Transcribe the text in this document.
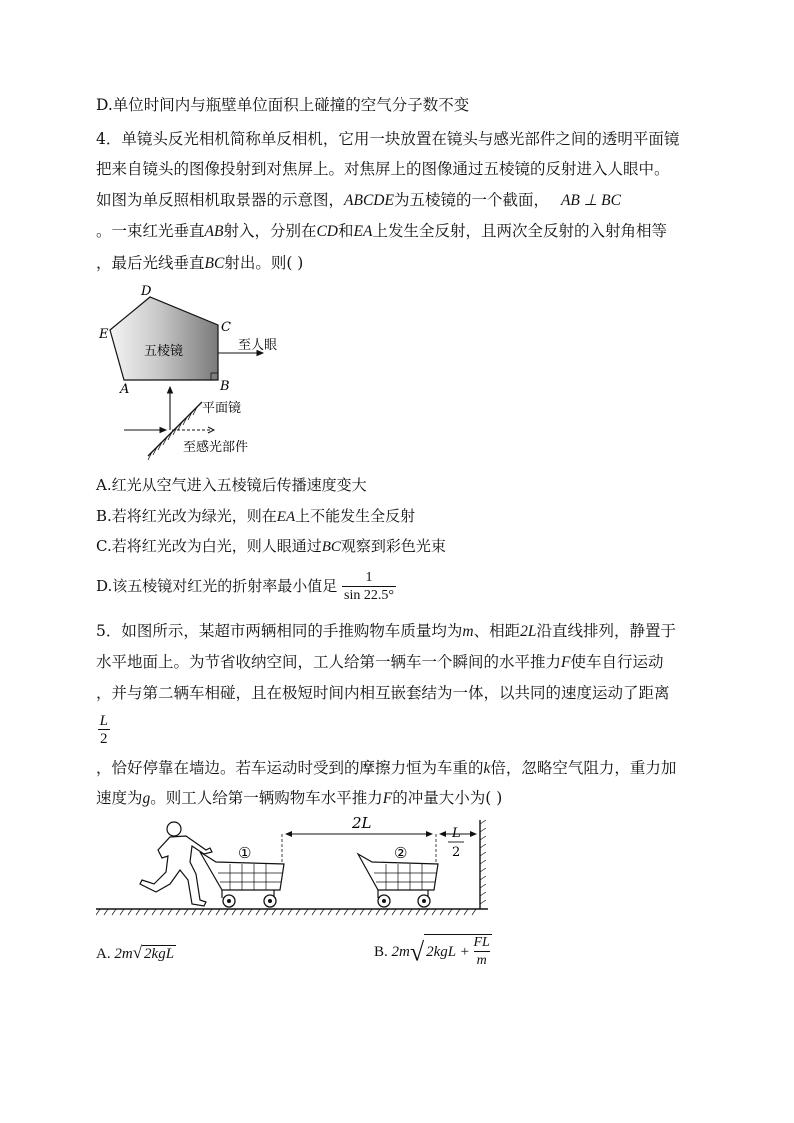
D.单位时间内与瓶壁单位面积上碰撞的空气分子数不变
4．单镜头反光相机简称单反相机，它用一块放置在镜头与感光部件之间的透明平面镜
把来自镜头的图像投射到对焦屏上。对焦屏上的图像通过五棱镜的反射进入人眼中。
如图为单反照相机取景器的示意图，ABCDE为五棱镜的一个截面， AB ⊥ BC
。一束红光垂直AB射入，分别在CD和EA上发生全反射，且两次全反射的入射角相等
，最后光线垂直BC射出。则( )
五棱镜
D
E	C
A	B
至人眼
平面镜
至感光部件
A.红光从空气进入五棱镜后传播速度变大
B.若将红光改为绿光，则在EA上不能发生全反射
C.若将红光改为白光，则人眼通过BC观察到彩色光束
D.该五棱镜对红光的折射率最小值足 $\frac{1}{\sin 22.5^\circ}$
5．如图所示，某超市两辆相同的手推购物车质量均为m、相距2L沿直线排列，静置于
水平地面上。为节省收纳空间，工人给第一辆车一个瞬间的水平推力F使车自行运动
，并与第二辆车相碰，且在极短时间内相互嵌套结为一体，以共同的速度运动了距离
$\frac{L}{2}$
，恰好停靠在墙边。若车运动时受到的摩擦力恒为车重的k倍，忽略空气阻力，重力加
速度为g。则工人给第一辆购物车水平推力F的冲量大小为( )
①	②
2L
L
2
A. 2m√ 2kgL	B. 2m√ $2kgL + \frac{FL}{m}$
